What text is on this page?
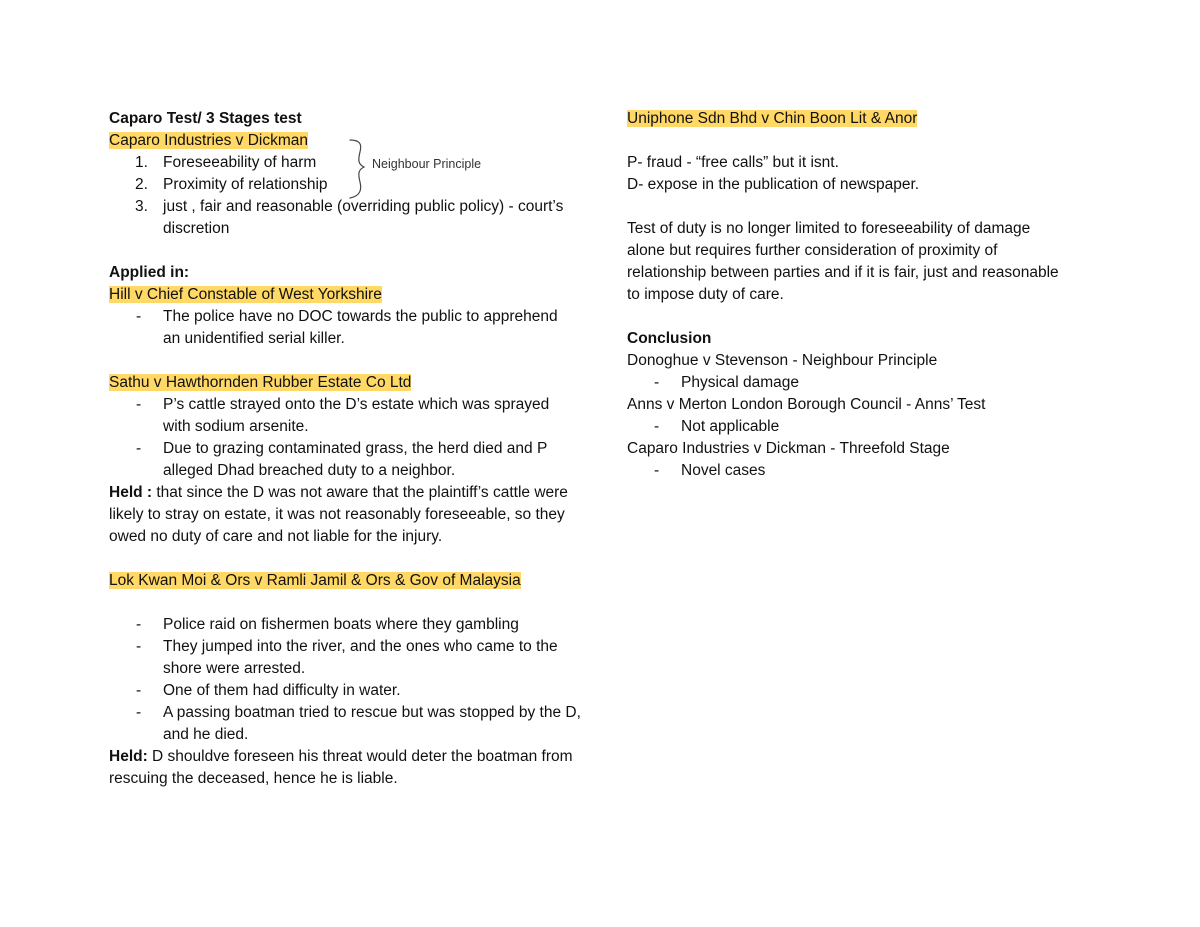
Caparo Test/ 3 Stages test
Caparo Industries v Dickman
1. Foreseeability of harm
2. Proximity of relationship
3. just , fair and reasonable (overriding public policy) - court’s discretion
Applied in:
Hill v Chief Constable of West Yorkshire
- The police have no DOC towards the public to apprehend an unidentified serial killer.
Sathu v Hawthornden Rubber Estate Co Ltd
- P’s cattle strayed onto the D’s estate which was sprayed with sodium arsenite.
- Due to grazing contaminated grass, the herd died and P alleged Dhad breached duty to a neighbor.
Held : that since the D was not aware that the plaintiff’s cattle were likely to stray on estate, it was not reasonably foreseeable, so they owed no duty of care and not liable for the injury.
Lok Kwan Moi & Ors v Ramli Jamil & Ors & Gov of Malaysia
- Police raid on fishermen boats where they gambling
- They jumped into the river, and the ones who came to the shore were arrested.
- One of them had difficulty in water.
- A passing boatman tried to rescue but was stopped by the D, and he died.
Held: D shouldve foreseen his threat would deter the boatman from rescuing the deceased, hence he is liable.
Neighbour Principle
Uniphone Sdn Bhd v Chin Boon Lit & Anor
P- fraud - “free calls” but it isnt.
D- expose in the publication of newspaper.
Test of duty is no longer limited to foreseeability of damage alone but requires further consideration of proximity of relationship between parties and if it is fair, just and reasonable to impose duty of care.
Conclusion
Donoghue v Stevenson - Neighbour Principle
- Physical damage
Anns v Merton London Borough Council - Anns’ Test
- Not applicable
Caparo Industries v Dickman - Threefold Stage
- Novel cases
